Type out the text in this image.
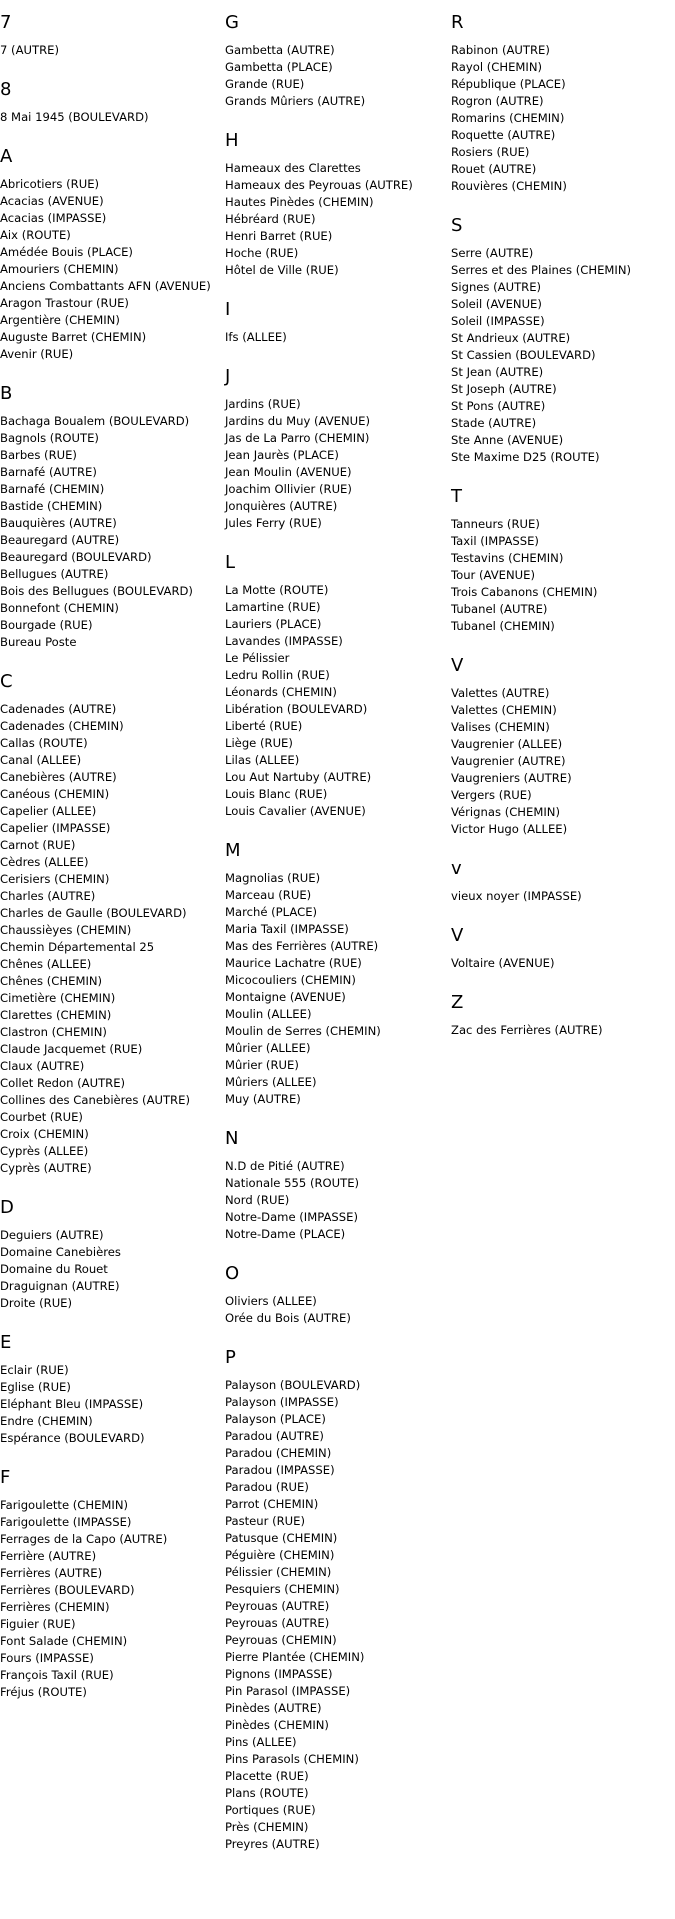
7
7 (AUTRE)
8
8 Mai 1945 (BOULEVARD)
A
Abricotiers (RUE)
Acacias (AVENUE)
Acacias (IMPASSE)
Aix (ROUTE)
Amédée Bouis (PLACE)
Amouriers (CHEMIN)
Anciens Combattants AFN (AVENUE)
Aragon Trastour (RUE)
Argentière (CHEMIN)
Auguste Barret (CHEMIN)
Avenir (RUE)
B
Bachaga Boualem (BOULEVARD)
Bagnols (ROUTE)
Barbes (RUE)
Barnafé (AUTRE)
Barnafé (CHEMIN)
Bastide (CHEMIN)
Bauquières (AUTRE)
Beauregard (AUTRE)
Beauregard (BOULEVARD)
Bellugues (AUTRE)
Bois des Bellugues (BOULEVARD)
Bonnefont (CHEMIN)
Bourgade (RUE)
Bureau Poste
C
Cadenades (AUTRE)
Cadenades (CHEMIN)
Callas (ROUTE)
Canal (ALLEE)
Canebières (AUTRE)
Canéous (CHEMIN)
Capelier (ALLEE)
Capelier (IMPASSE)
Carnot (RUE)
Cèdres (ALLEE)
Cerisiers (CHEMIN)
Charles (AUTRE)
Charles de Gaulle (BOULEVARD)
Chaussièyes (CHEMIN)
Chemin Départemental 25
Chênes (ALLEE)
Chênes (CHEMIN)
Cimetière (CHEMIN)
Clarettes (CHEMIN)
Clastron (CHEMIN)
Claude Jacquemet (RUE)
Claux (AUTRE)
Collet Redon (AUTRE)
Collines des Canebières (AUTRE)
Courbet (RUE)
Croix (CHEMIN)
Cyprès (ALLEE)
Cyprès (AUTRE)
D
Deguiers (AUTRE)
Domaine Canebières
Domaine du Rouet
Draguignan (AUTRE)
Droite (RUE)
E
Eclair (RUE)
Eglise (RUE)
Eléphant Bleu (IMPASSE)
Endre (CHEMIN)
Espérance (BOULEVARD)
F
Farigoulette (CHEMIN)
Farigoulette (IMPASSE)
Ferrages de la Capo (AUTRE)
Ferrière (AUTRE)
Ferrières (AUTRE)
Ferrières (BOULEVARD)
Ferrières (CHEMIN)
Figuier (RUE)
Font Salade (CHEMIN)
Fours (IMPASSE)
François Taxil (RUE)
Fréjus (ROUTE)
G
Gambetta (AUTRE)
Gambetta (PLACE)
Grande (RUE)
Grands Mûriers (AUTRE)
H
Hameaux des Clarettes
Hameaux des Peyrouas (AUTRE)
Hautes Pinèdes (CHEMIN)
Hébréard (RUE)
Henri Barret (RUE)
Hoche (RUE)
Hôtel de Ville (RUE)
I
Ifs (ALLEE)
J
Jardins (RUE)
Jardins du Muy (AVENUE)
Jas de La Parro (CHEMIN)
Jean Jaurès (PLACE)
Jean Moulin (AVENUE)
Joachim Ollivier (RUE)
Jonquières (AUTRE)
Jules Ferry (RUE)
L
La Motte (ROUTE)
Lamartine (RUE)
Lauriers (PLACE)
Lavandes (IMPASSE)
Le Pélissier
Ledru Rollin (RUE)
Léonards (CHEMIN)
Libération (BOULEVARD)
Liberté (RUE)
Liège (RUE)
Lilas (ALLEE)
Lou Aut Nartuby (AUTRE)
Louis Blanc (RUE)
Louis Cavalier (AVENUE)
M
Magnolias (RUE)
Marceau (RUE)
Marché (PLACE)
Maria Taxil (IMPASSE)
Mas des Ferrières (AUTRE)
Maurice Lachatre (RUE)
Micocouliers (CHEMIN)
Montaigne (AVENUE)
Moulin (ALLEE)
Moulin de Serres (CHEMIN)
Mûrier (ALLEE)
Mûrier (RUE)
Mûriers (ALLEE)
Muy (AUTRE)
N
N.D de Pitié (AUTRE)
Nationale 555 (ROUTE)
Nord (RUE)
Notre-Dame (IMPASSE)
Notre-Dame (PLACE)
O
Oliviers (ALLEE)
Orée du Bois (AUTRE)
P
Palayson (BOULEVARD)
Palayson (IMPASSE)
Palayson (PLACE)
Paradou (AUTRE)
Paradou (CHEMIN)
Paradou (IMPASSE)
Paradou (RUE)
Parrot (CHEMIN)
Pasteur (RUE)
Patusque (CHEMIN)
Péguière (CHEMIN)
Pélissier (CHEMIN)
Pesquiers (CHEMIN)
Peyrouas (AUTRE)
Peyrouas (AUTRE)
Peyrouas (CHEMIN)
Pierre Plantée (CHEMIN)
Pignons (IMPASSE)
Pin Parasol (IMPASSE)
Pinèdes (AUTRE)
Pinèdes (CHEMIN)
Pins (ALLEE)
Pins Parasols (CHEMIN)
Placette (RUE)
Plans (ROUTE)
Portiques (RUE)
Près (CHEMIN)
Preyres (AUTRE)
R
Rabinon (AUTRE)
Rayol (CHEMIN)
République (PLACE)
Rogron (AUTRE)
Romarins (CHEMIN)
Roquette (AUTRE)
Rosiers (RUE)
Rouet (AUTRE)
Rouvières (CHEMIN)
S
Serre (AUTRE)
Serres et des Plaines (CHEMIN)
Signes (AUTRE)
Soleil (AVENUE)
Soleil (IMPASSE)
St Andrieux (AUTRE)
St Cassien (BOULEVARD)
St Jean (AUTRE)
St Joseph (AUTRE)
St Pons (AUTRE)
Stade (AUTRE)
Ste Anne (AVENUE)
Ste Maxime D25 (ROUTE)
T
Tanneurs (RUE)
Taxil (IMPASSE)
Testavins (CHEMIN)
Tour (AVENUE)
Trois Cabanons (CHEMIN)
Tubanel (AUTRE)
Tubanel (CHEMIN)
V
Valettes (AUTRE)
Valettes (CHEMIN)
Valises (CHEMIN)
Vaugrenier (ALLEE)
Vaugrenier (AUTRE)
Vaugreniers (AUTRE)
Vergers (RUE)
Vérignas (CHEMIN)
Victor Hugo (ALLEE)
v
vieux noyer (IMPASSE)
V
Voltaire (AVENUE)
Z
Zac des Ferrières (AUTRE)
